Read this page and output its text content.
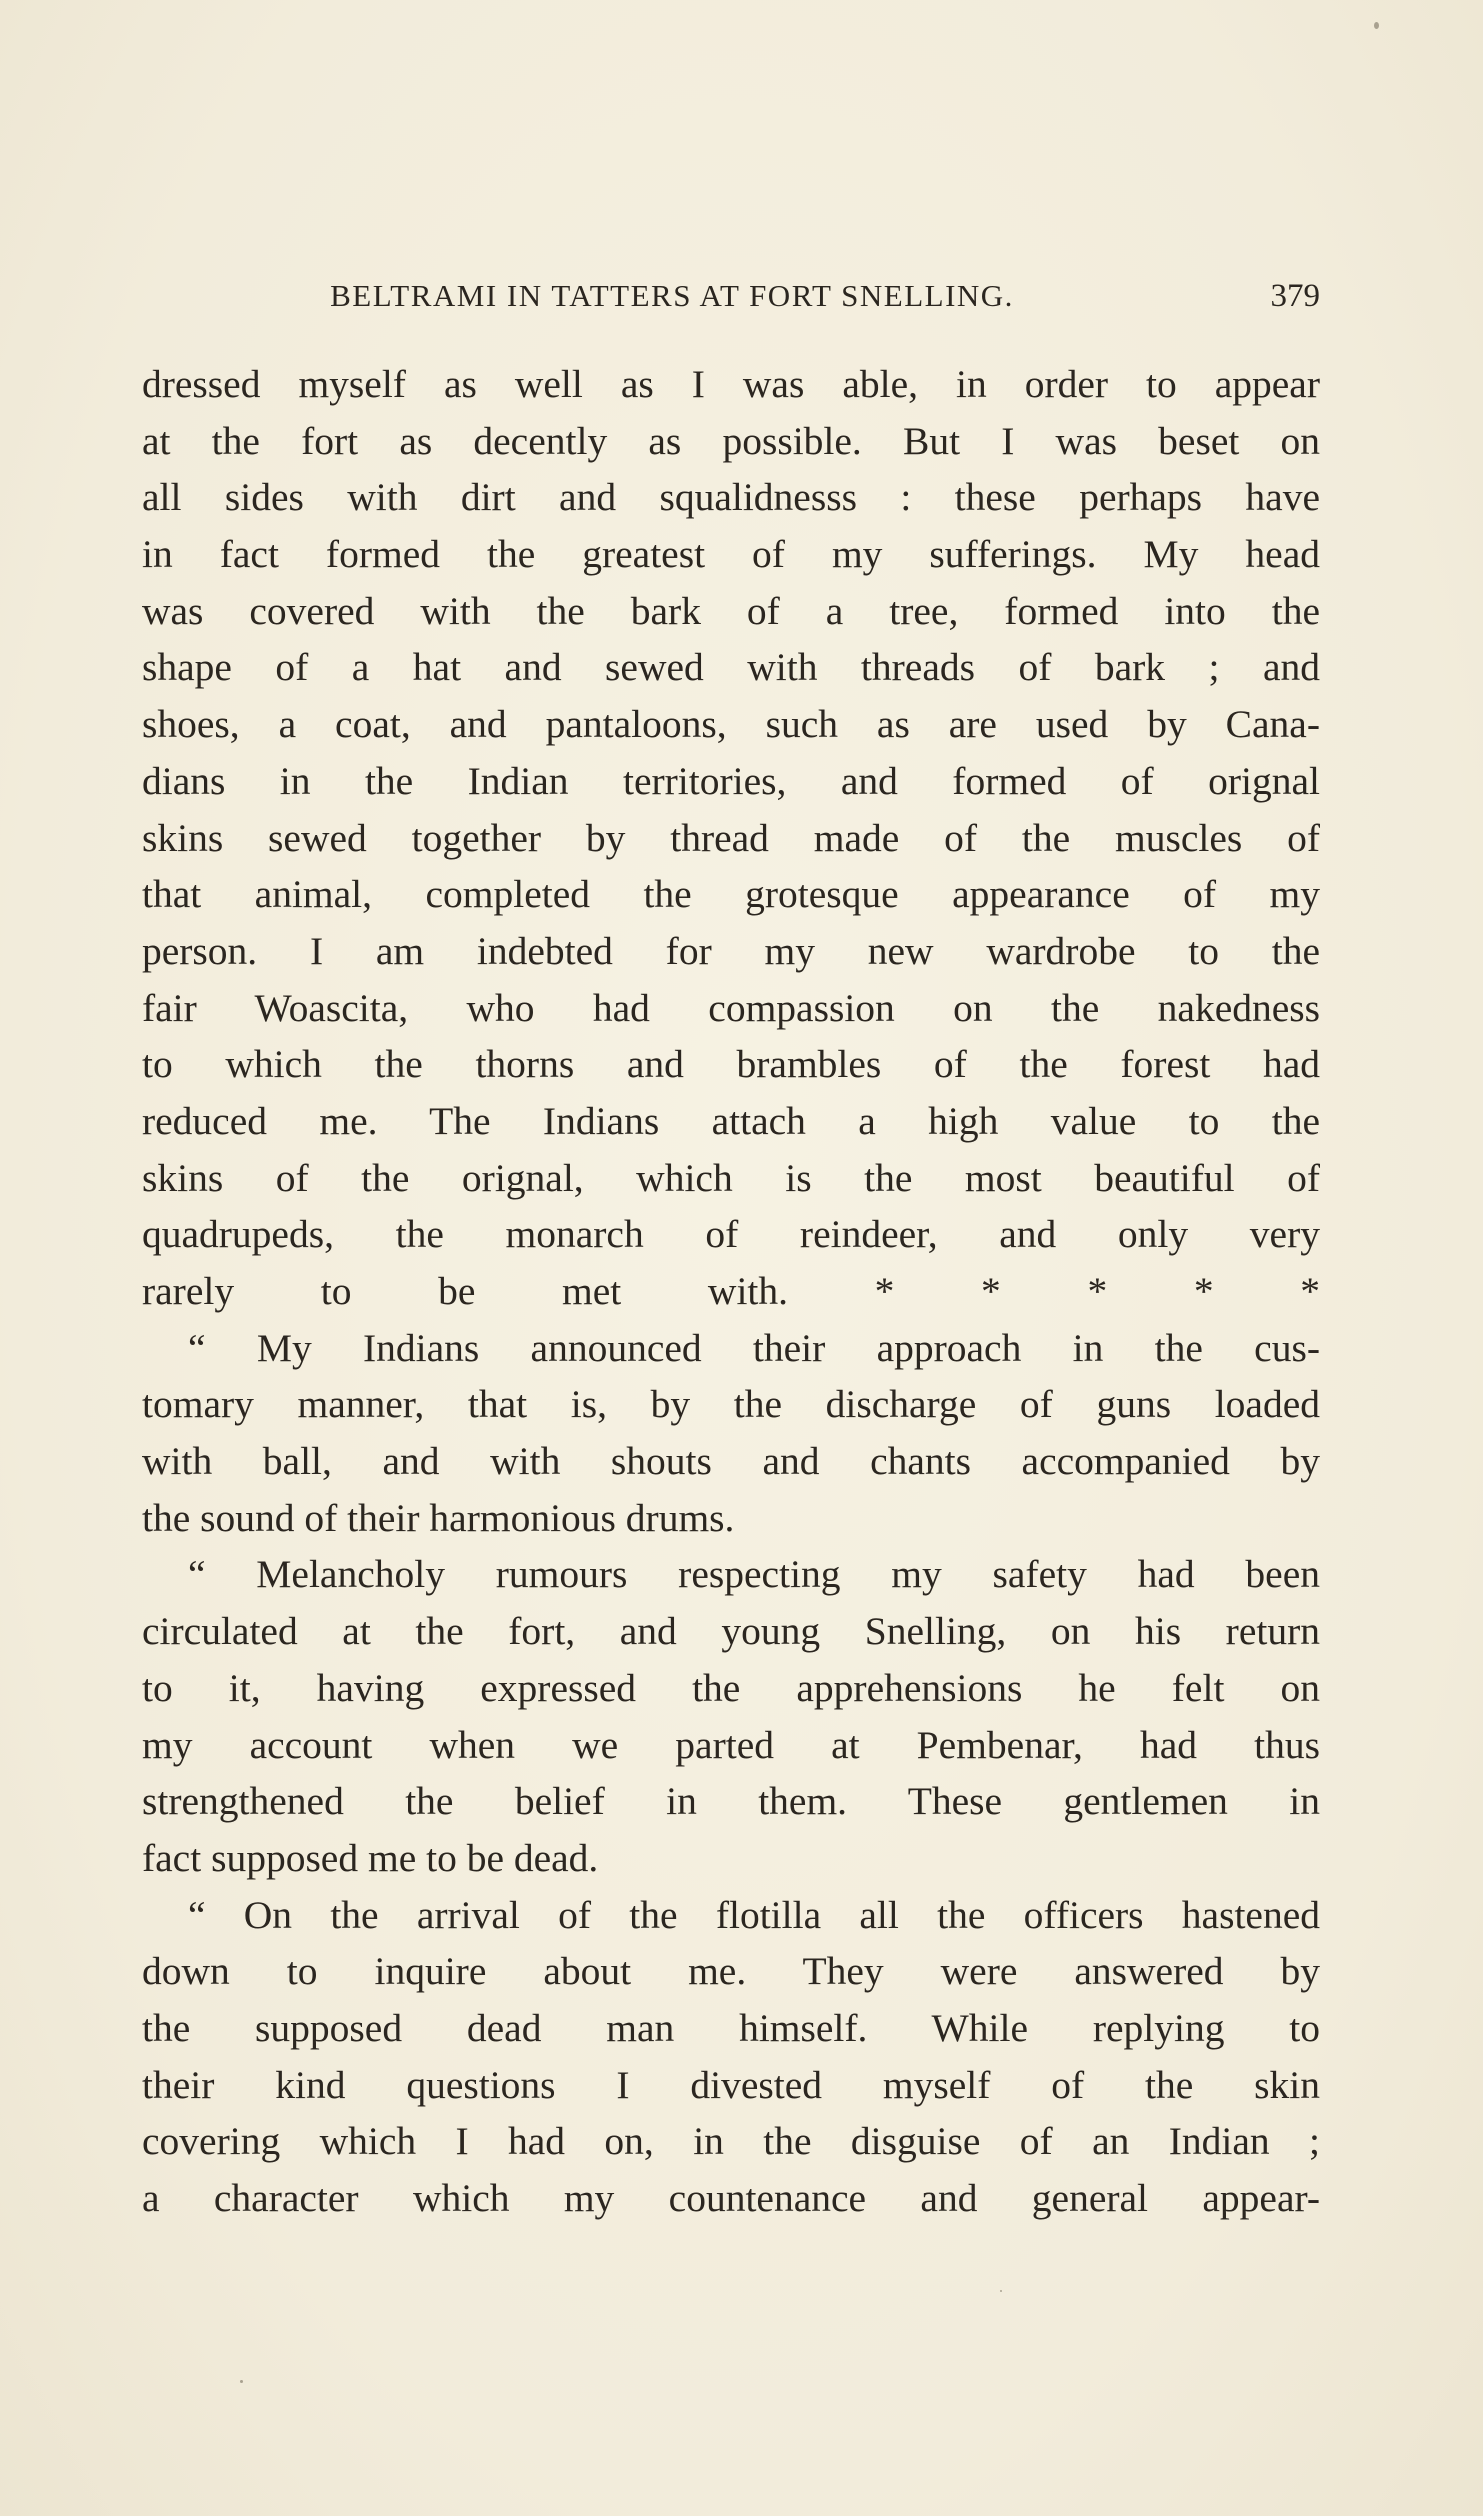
BELTRAMI IN TATTERS AT FORT SNELLING.	379
dressed myself as well as I was able, in order to appear
at the fort as decently as possible. But I was beset on
all sides with dirt and squalidnesss : these perhaps have
in fact formed the greatest of my sufferings. My head
was covered with the bark of a tree, formed into the
shape of a hat and sewed with threads of bark ; and
shoes, a coat, and pantaloons, such as are used by Cana-
dians in the Indian territories, and formed of orignal
skins sewed together by thread made of the muscles of
that animal, completed the grotesque appearance of my
person. I am indebted for my new wardrobe to the
fair Woascita, who had compassion on the nakedness
to which the thorns and brambles of the forest had
reduced me. The Indians attach a high value to the
skins of the orignal, which is the most beautiful of
quadrupeds, the monarch of reindeer, and only very
rarely to be met with. * * * * *
“ My Indians announced their approach in the cus-
tomary manner, that is, by the discharge of guns loaded
with ball, and with shouts and chants accompanied by
the sound of their harmonious drums.
“ Melancholy rumours respecting my safety had been
circulated at the fort, and young Snelling, on his return
to it, having expressed the apprehensions he felt on
my account when we parted at Pembenar, had thus
strengthened the belief in them. These gentlemen in
fact supposed me to be dead.
“ On the arrival of the flotilla all the officers hastened
down to inquire about me. They were answered by
the supposed dead man himself. While replying to
their kind questions I divested myself of the skin
covering which I had on, in the disguise of an Indian ;
a character which my countenance and general appear-
